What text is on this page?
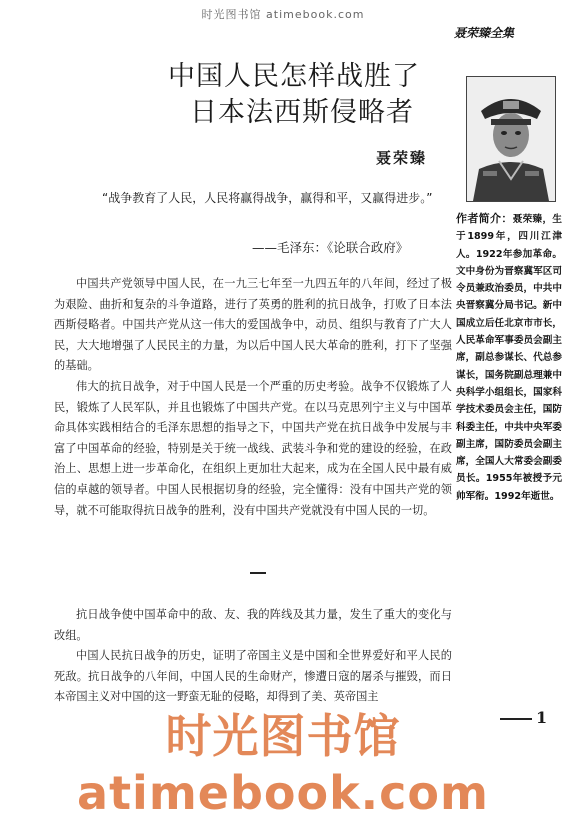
时光图书馆 atimebook.com
聂荣臻全集
中国人民怎样战胜了
日本法西斯侵略者
聂荣臻
“战争教育了人民，人民将赢得战争，赢得和平，又赢得进步。”
——毛泽东：《论联合政府》

中国共产党领导中国人民，在一九三七年至一九四五年的八年间，经过了极为艰险、曲折和复杂的斗争道路，进行了英勇的胜利的抗日战争，打败了日本法西斯侵略者。中国共产党从这一伟大的爱国战争中，动员、组织与教育了广大人民，大大地增强了人民民主的力量，为以后中国人民大革命的胜利，打下了坚强的基础。

伟大的抗日战争，对于中国人民是一个严重的历史考验。战争不仅锻炼了人民，锻炼了人民军队，并且也锻炼了中国共产党。在以马克思列宁主义与中国革命具体实践相结合的毛泽东思想的指导之下，中国共产党在抗日战争中发展与丰富了中国革命的经验，特别是关于统一战线、武装斗争和党的建设的经验，在政治上、思想上进一步革命化，在组织上更加壮大起来，成为在全国人民中最有威信的卓越的领导者。中国人民根据切身的经验，完全懂得：没有中国共产党的领导，就不可能取得抗日战争的胜利，没有中国共产党就没有中国人民的一切。

抗日战争使中国革命中的敌、友、我的阵线及其力量，发生了重大的变化与改组。

中国人民抗日战争的历史，证明了帝国主义是中国和全世界爱好和平人民的死敌。抗日战争的八年间，中国人民的生命财产，惨遭日寇的屠杀与摧毁，而日本帝国主义对中国的这一野蛮无耻的侵略，却得到了美、英帝国主

作者简介：聂荣臻，生于1899年，四川江津人。1922年参加革命。文中身份为晋察冀军区司令员兼政治委员，中共中央晋察冀分局书记。新中国成立后任北京市市长，人民革命军事委员会副主席，副总参谋长、代总参谋长，国务院副总理兼中央科学小组组长，国家科学技术委员会主任，国防科委主任，中共中央军委副主席，国防委员会副主席，全国人大常委会副委员长。1955年被授予元帅军衔。1992年逝世。
1
时光图书馆atimebook.com
